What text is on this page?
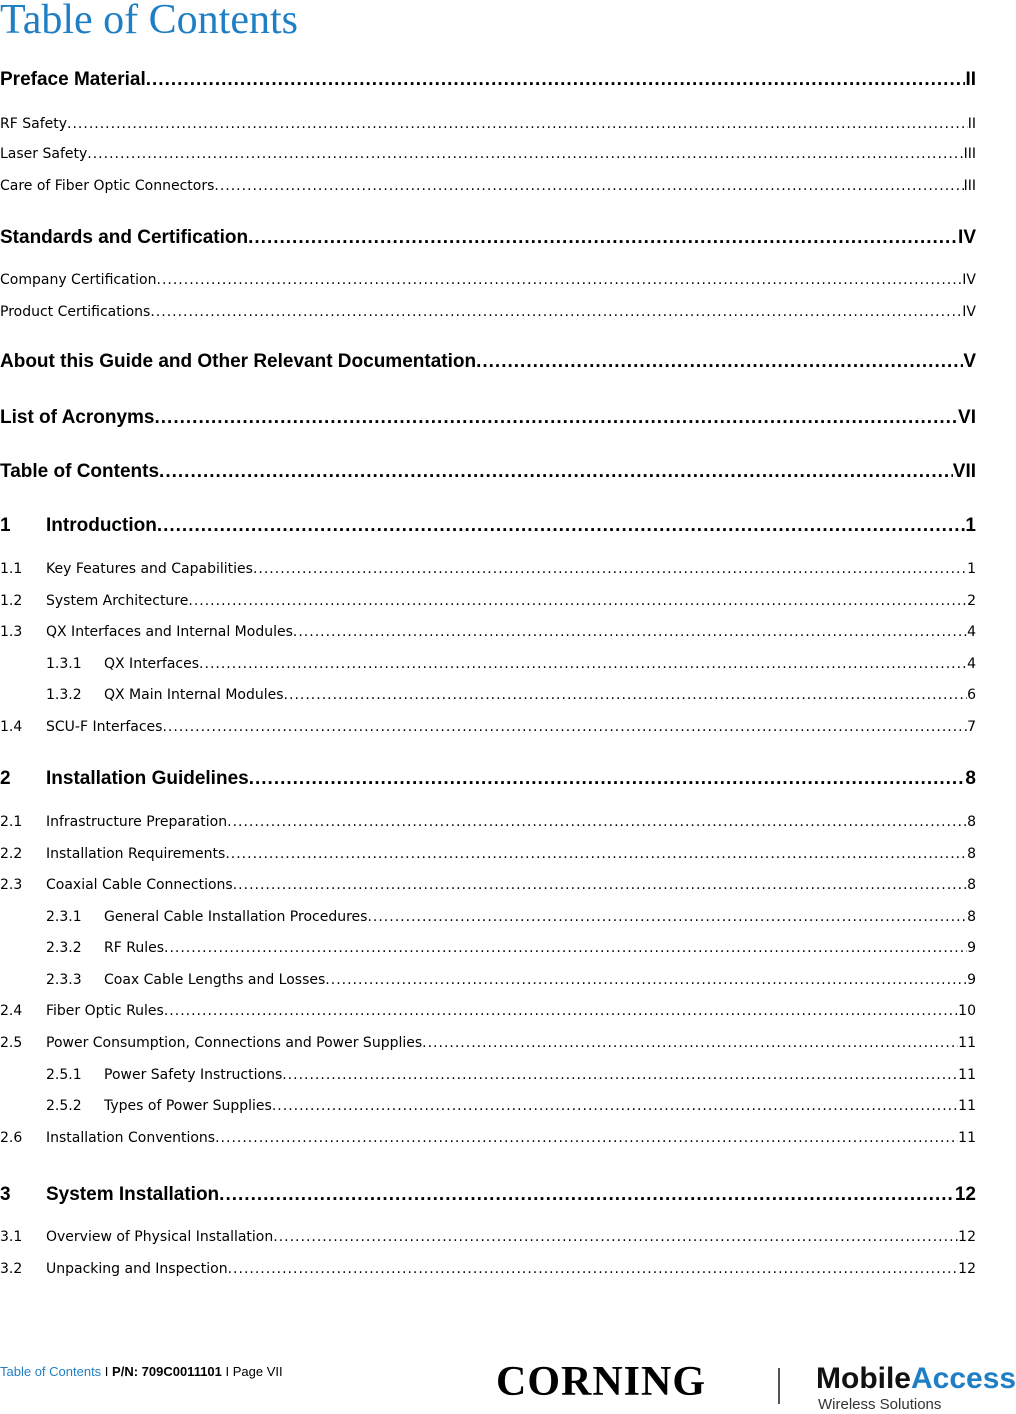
Table of Contents
Preface Material .....	II
RF Safety .....	II
Laser Safety .....	III
Care of Fiber Optic Connectors .....	III
Standards and Certification .....	IV
Company Certification .....	IV
Product Certifications .....	IV
About this Guide and Other Relevant Documentation .....	V
List of Acronyms .....	VI
Table of Contents .....	VII
1	Introduction .....	1
1.1	Key Features and Capabilities .....	1
1.2	System Architecture .....	2
1.3	QX Interfaces and Internal Modules .....	4
1.3.1	QX Interfaces .....	4
1.3.2	QX Main Internal Modules .....	6
1.4	SCU-F Interfaces .....	7
2	Installation Guidelines .....	8
2.1	Infrastructure Preparation .....	8
2.2	Installation Requirements .....	8
2.3	Coaxial Cable Connections .....	8
2.3.1	General Cable Installation Procedures .....	8
2.3.2	RF Rules .....	9
2.3.3	Coax Cable Lengths and Losses .....	9
2.4	Fiber Optic Rules .....	10
2.5	Power Consumption, Connections and Power Supplies .....	11
2.5.1	Power Safety Instructions .....	11
2.5.2	Types of Power Supplies .....	11
2.6	Installation Conventions .....	11
3	System Installation .....	12
3.1	Overview of Physical Installation .....	12
3.2	Unpacking and Inspection .....	12
Table of Contents I P/N: 709C0011101 I Page VII	CORNING	MobileAccess
Wireless Solutions
